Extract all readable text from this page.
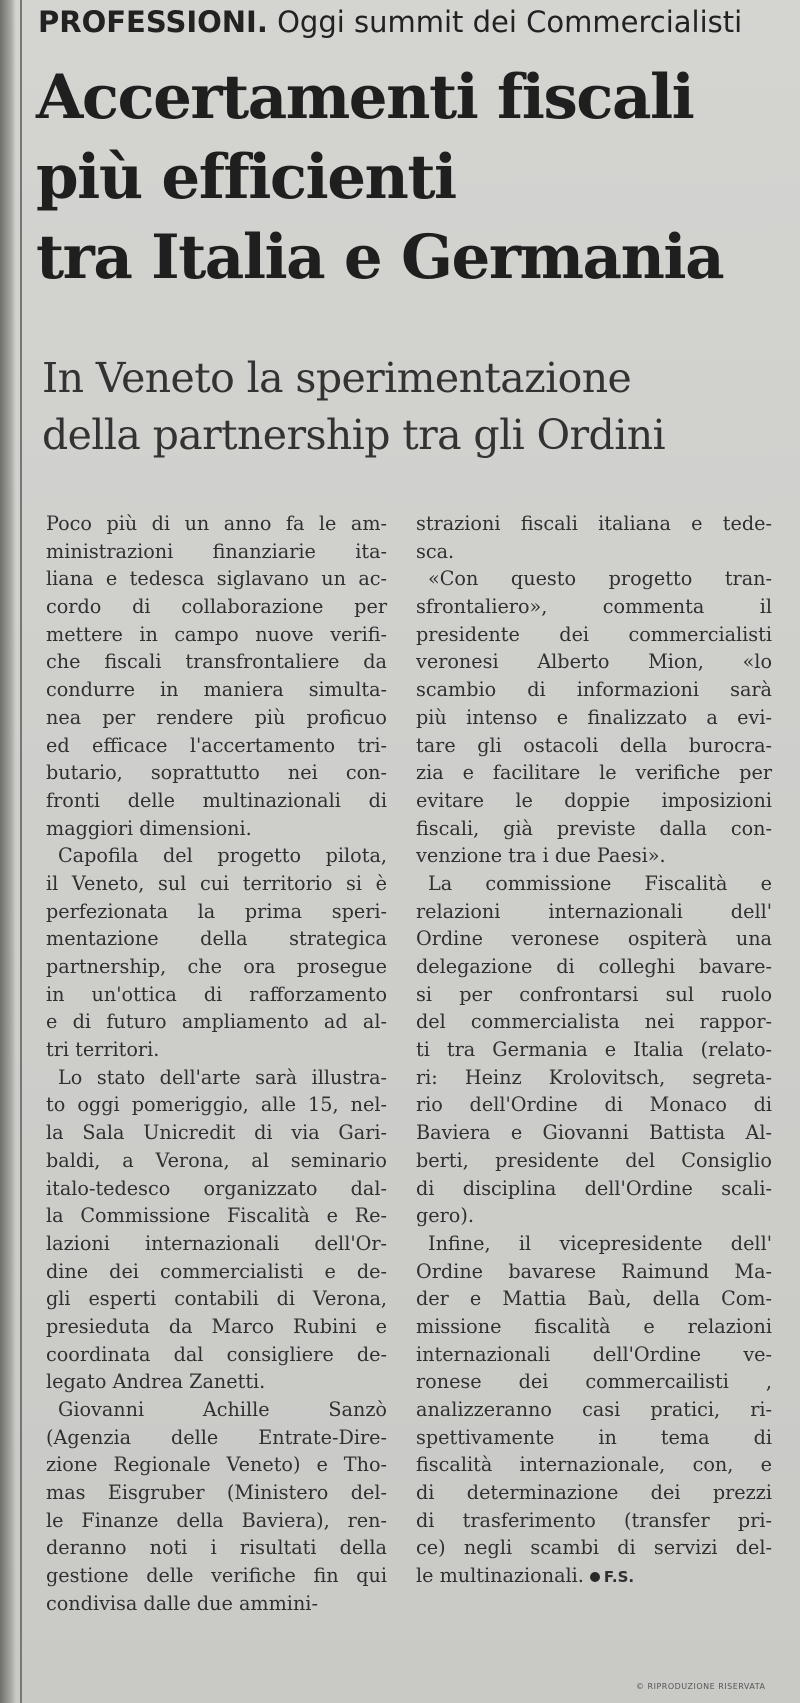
PROFESSIONI. Oggi summit dei Commercialisti
Accertamenti fiscali
più efficienti
tra Italia e Germania
In Veneto la sperimentazione
della partnership tra gli Ordini
Poco più di un anno fa le am-
ministrazioni finanziarie ita-
liana e tedesca siglavano un ac-
cordo di collaborazione per
mettere in campo nuove verifi-
che fiscali transfrontaliere da
condurre in maniera simulta-
nea per rendere più proficuo
ed efficace l'accertamento tri-
butario, soprattutto nei con-
fronti delle multinazionali di
maggiori dimensioni.
Capofila del progetto pilota,
il Veneto, sul cui territorio si è
perfezionata la prima speri-
mentazione della strategica
partnership, che ora prosegue
in un'ottica di rafforzamento
e di futuro ampliamento ad al-
tri territori.
Lo stato dell'arte sarà illustra-
to oggi pomeriggio, alle 15, nel-
la Sala Unicredit di via Gari-
baldi, a Verona, al seminario
italo-tedesco organizzato dal-
la Commissione Fiscalità e Re-
lazioni internazionali dell'Or-
dine dei commercialisti e de-
gli esperti contabili di Verona,
presieduta da Marco Rubini e
coordinata dal consigliere de-
legato Andrea Zanetti.
Giovanni Achille Sanzò
(Agenzia delle Entrate-Dire-
zione Regionale Veneto) e Tho-
mas Eisgruber (Ministero del-
le Finanze della Baviera), ren-
deranno noti i risultati della
gestione delle verifiche fin qui
condivisa dalle due ammini-
strazioni fiscali italiana e tede-
sca.
«Con questo progetto tran-
sfrontaliero», commenta il
presidente dei commercialisti
veronesi Alberto Mion, «lo
scambio di informazioni sarà
più intenso e finalizzato a evi-
tare gli ostacoli della burocra-
zia e facilitare le verifiche per
evitare le doppie imposizioni
fiscali, già previste dalla con-
venzione tra i due Paesi».
La commissione Fiscalità e
relazioni internazionali dell'
Ordine veronese ospiterà una
delegazione di colleghi bavare-
si per confrontarsi sul ruolo
del commercialista nei rappor-
ti tra Germania e Italia (relato-
ri: Heinz Krolovitsch, segreta-
rio dell'Ordine di Monaco di
Baviera e Giovanni Battista Al-
berti, presidente del Consiglio
di disciplina dell'Ordine scali-
gero).
Infine, il vicepresidente dell'
Ordine bavarese Raimund Ma-
der e Mattia Baù, della Com-
missione fiscalità e relazioni
internazionali dell'Ordine ve-
ronese dei commercailisti ,
analizzeranno casi pratici, ri-
spettivamente in tema di
fiscalità internazionale, con, e
di determinazione dei prezzi
di trasferimento (transfer pri-
ce) negli scambi di servizi del-
le multinazionali. F.S.
© RIPRODUZIONE RISERVATA
